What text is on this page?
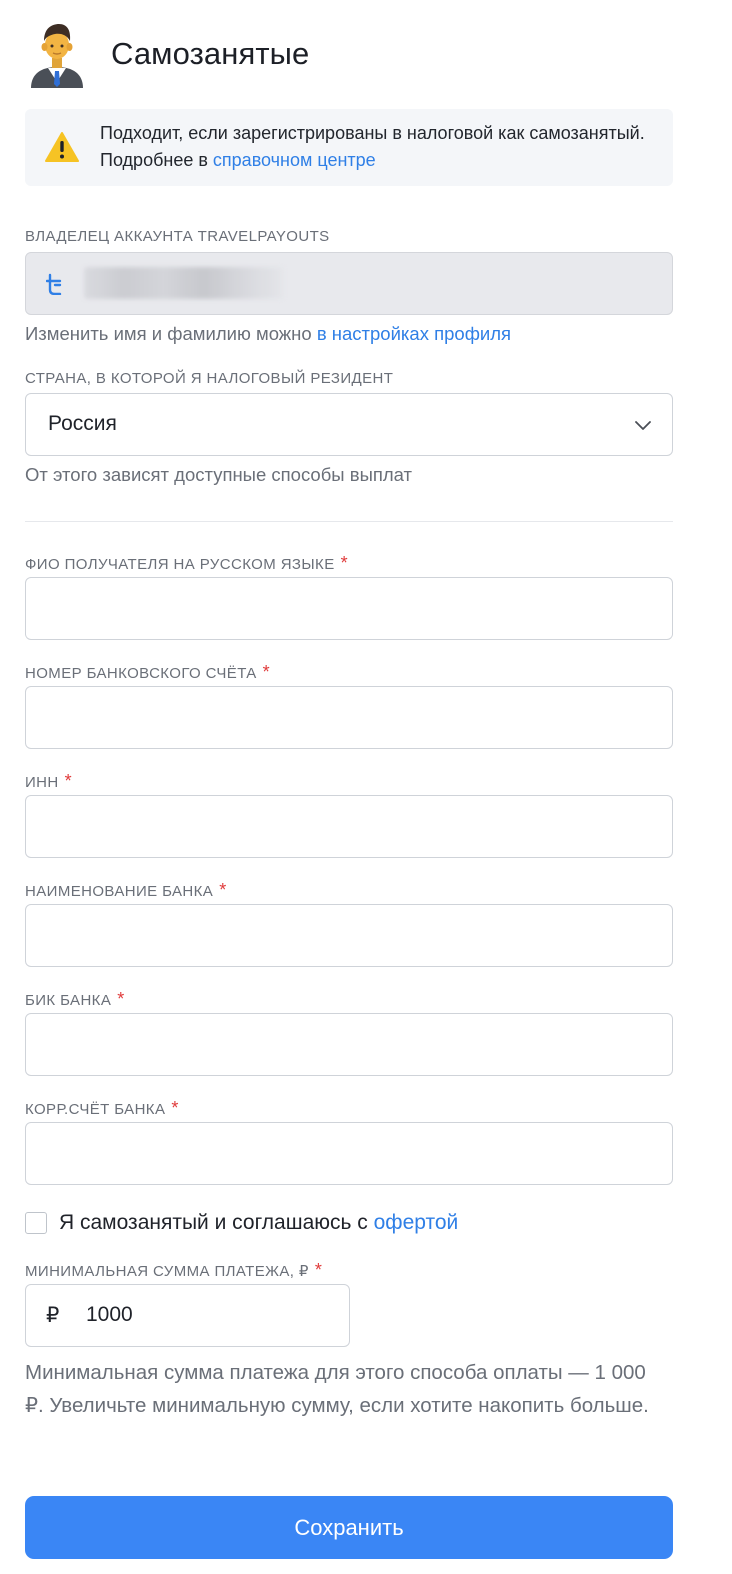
Самозанятые
Подходит, если зарегистрированы в налоговой как самозанятый. Подробнее в справочном центре
ВЛАДЕЛЕЦ АККАУНТА TRAVELPAYOUTS
Изменить имя и фамилию можно в настройках профиля
СТРАНА, В КОТОРОЙ Я НАЛОГОВЫЙ РЕЗИДЕНТ
Россия
От этого зависят доступные способы выплат
ФИО ПОЛУЧАТЕЛЯ НА РУССКОМ ЯЗЫКЕ *
НОМЕР БАНКОВСКОГО СЧЁТА *
ИНН *
НАИМЕНОВАНИЕ БАНКА *
БИК БАНКА *
КОРР.СЧЁТ БАНКА *
Я самозанятый и соглашаюсь с офертой
МИНИМАЛЬНАЯ СУММА ПЛАТЕЖА, ₽ *
₽ 1000
Минимальная сумма платежа для этого способа оплаты — 1 000 ₽. Увеличьте минимальную сумму, если хотите накопить больше.
Сохранить
